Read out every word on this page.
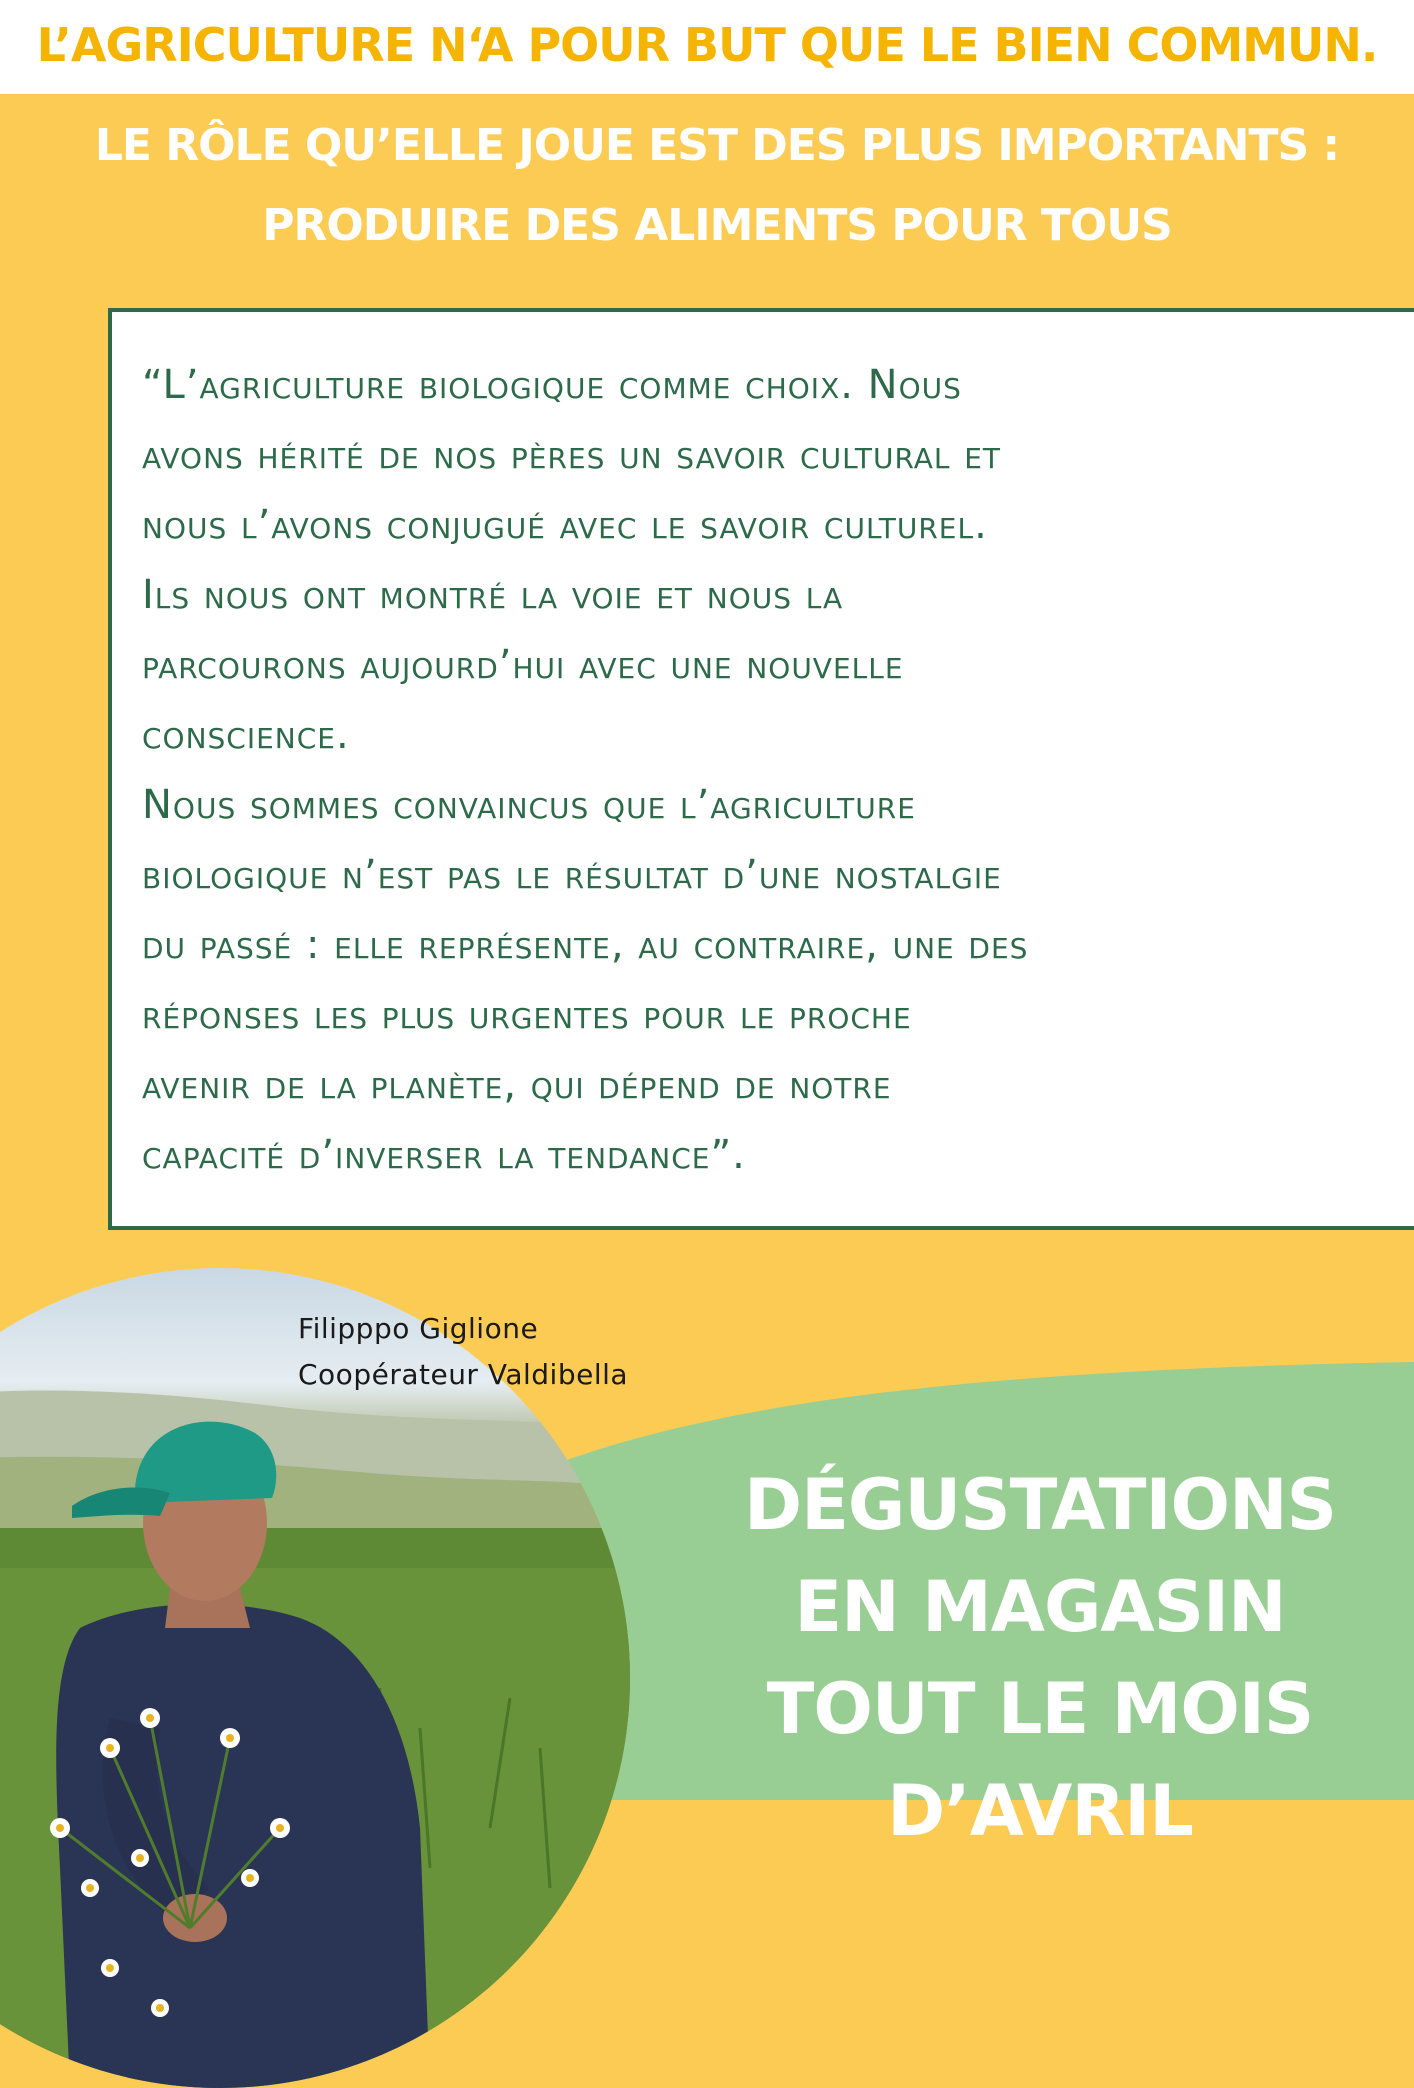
L’AGRICULTURE N‘A POUR BUT QUE LE BIEN COMMUN.
LE RÔLE QU’ELLE JOUE EST DES PLUS IMPORTANTS :
PRODUIRE DES ALIMENTS POUR TOUS

“L’agriculture biologique comme choix. Nous
avons hérité de nos pères un savoir cultural et
nous l’avons conjugué avec le savoir culturel.
Ils nous ont montré la voie et nous la
parcourons aujourd’hui avec une nouvelle
conscience.
Nous sommes convaincus que l’agriculture
biologique n’est pas le résultat d’une nostalgie
du passé : elle représente, au contraire, une des
réponses les plus urgentes pour le proche
avenir de la planète, qui dépend de notre
capacité d’inverser la tendance”.

Filipppo Giglione
Coopérateur Valdibella

DÉGUSTATIONS
EN MAGASIN
TOUT LE MOIS
D’AVRIL
